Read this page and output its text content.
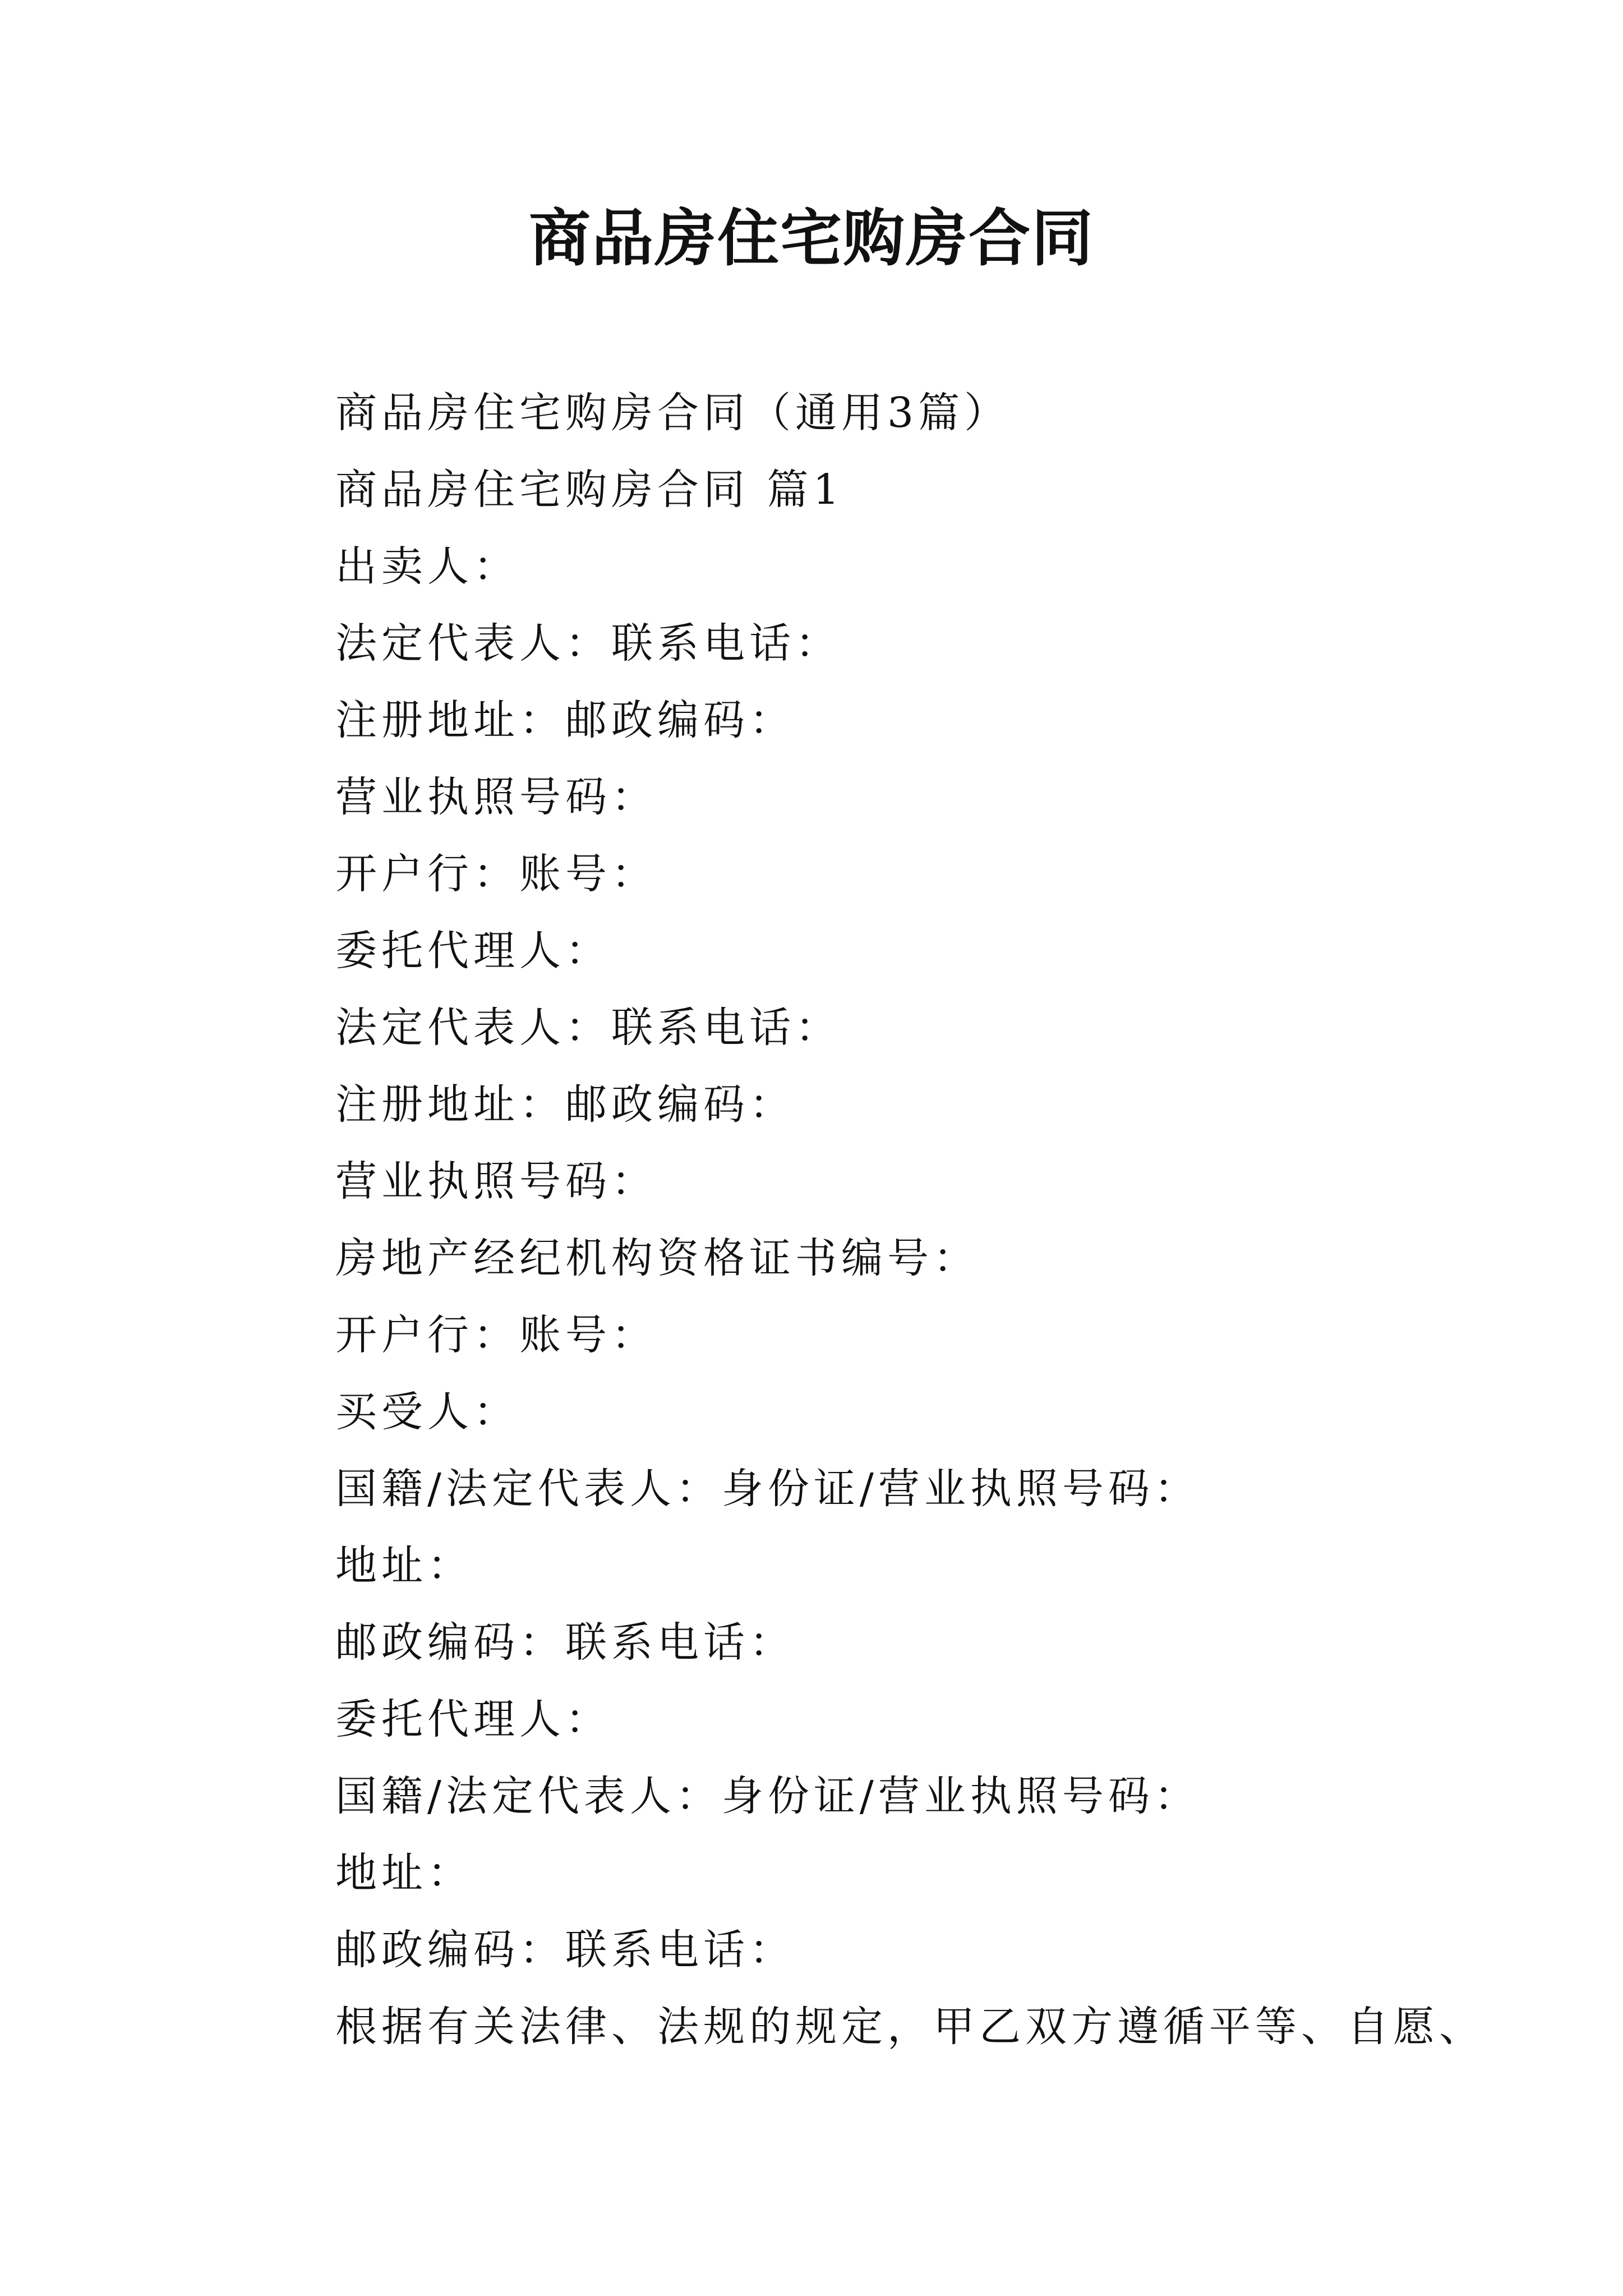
商品房住宅购房合同
商品房住宅购房合同（通用3篇）
商品房住宅购房合同 篇1
出卖人：
法定代表人：联系电话：
注册地址：邮政编码：
营业执照号码：
开户行：账号：
委托代理人：
法定代表人：联系电话：
注册地址：邮政编码：
营业执照号码：
房地产经纪机构资格证书编号：
开户行：账号：
买受人：
国籍/法定代表人：身份证/营业执照号码：
地址：
邮政编码：联系电话：
委托代理人：
国籍/法定代表人：身份证/营业执照号码：
地址：
邮政编码：联系电话：
根据有关法律、法规的规定，甲乙双方遵循平等、自愿、
